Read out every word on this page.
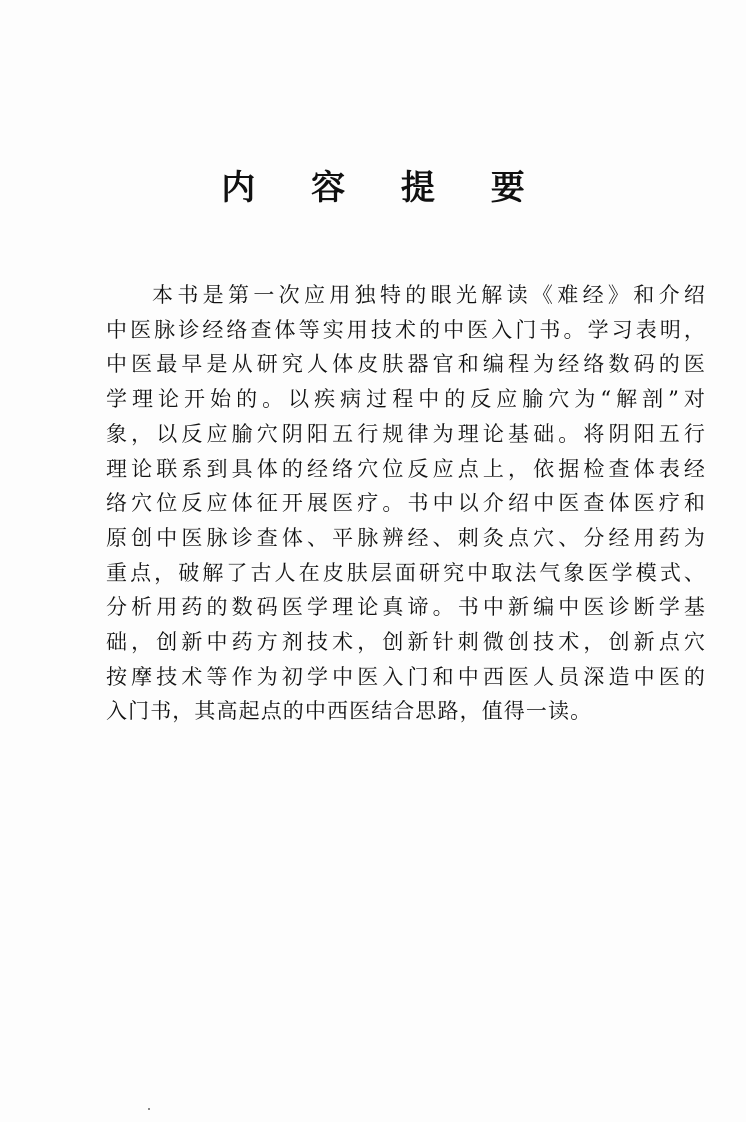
内 容 提 要
本书是第一次应用独特的眼光解读《难经》和介绍
中医脉诊经络查体等实用技术的中医入门书。学习表明，
中医最早是从研究人体皮肤器官和编程为经络数码的医
学理论开始的。以疾病过程中的反应腧穴为“解剖”对
象，以反应腧穴阴阳五行规律为理论基础。将阴阳五行
理论联系到具体的经络穴位反应点上，依据检查体表经
络穴位反应体征开展医疗。书中以介绍中医查体医疗和
原创中医脉诊查体、平脉辨经、刺灸点穴、分经用药为
重点，破解了古人在皮肤层面研究中取法气象医学模式、
分析用药的数码医学理论真谛。书中新编中医诊断学基
础，创新中药方剂技术，创新针刺微创技术，创新点穴
按摩技术等作为初学中医入门和中西医人员深造中医的
入门书，其高起点的中西医结合思路，值得一读。
